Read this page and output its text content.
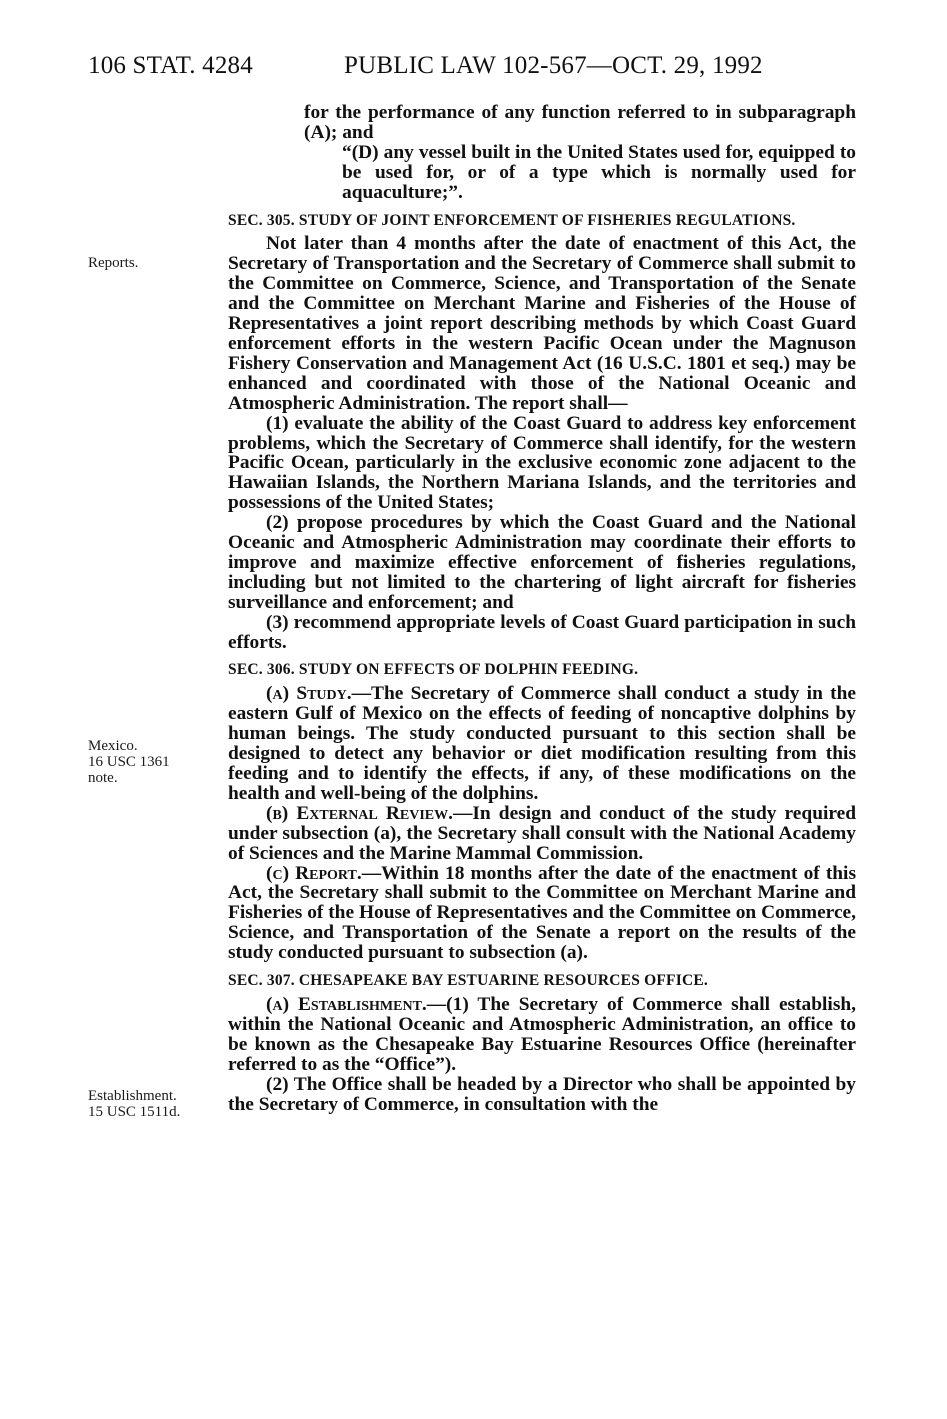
106 STAT. 4284	PUBLIC LAW 102-567—OCT. 29, 1992
Reports.
Mexico.
16 USC 1361
note.
Establishment.
15 USC 1511d.

for the performance of any function referred to in subparagraph (A); and

“(D) any vessel built in the United States used for, equipped to be used for, or of a type which is normally used for aquaculture;”.

SEC. 305. STUDY OF JOINT ENFORCEMENT OF FISHERIES REGULATIONS.

Not later than 4 months after the date of enactment of this Act, the Secretary of Transportation and the Secretary of Commerce shall submit to the Committee on Commerce, Science, and Transportation of the Senate and the Committee on Merchant Marine and Fisheries of the House of Representatives a joint report describing methods by which Coast Guard enforcement efforts in the western Pacific Ocean under the Magnuson Fishery Conservation and Management Act (16 U.S.C. 1801 et seq.) may be enhanced and coordinated with those of the National Oceanic and Atmospheric Administration. The report shall—

(1) evaluate the ability of the Coast Guard to address key enforcement problems, which the Secretary of Commerce shall identify, for the western Pacific Ocean, particularly in the exclusive economic zone adjacent to the Hawaiian Islands, the Northern Mariana Islands, and the territories and possessions of the United States;

(2) propose procedures by which the Coast Guard and the National Oceanic and Atmospheric Administration may coordinate their efforts to improve and maximize effective enforcement of fisheries regulations, including but not limited to the chartering of light aircraft for fisheries surveillance and enforcement; and

(3) recommend appropriate levels of Coast Guard participation in such efforts.

SEC. 306. STUDY ON EFFECTS OF DOLPHIN FEEDING.

(a) Study.—The Secretary of Commerce shall conduct a study in the eastern Gulf of Mexico on the effects of feeding of noncaptive dolphins by human beings. The study conducted pursuant to this section shall be designed to detect any behavior or diet modification resulting from this feeding and to identify the effects, if any, of these modifications on the health and well-being of the dolphins.

(b) External Review.—In design and conduct of the study required under subsection (a), the Secretary shall consult with the National Academy of Sciences and the Marine Mammal Commission.

(c) Report.—Within 18 months after the date of the enactment of this Act, the Secretary shall submit to the Committee on Merchant Marine and Fisheries of the House of Representatives and the Committee on Commerce, Science, and Transportation of the Senate a report on the results of the study conducted pursuant to subsection (a).

SEC. 307. CHESAPEAKE BAY ESTUARINE RESOURCES OFFICE.

(a) Establishment.—(1) The Secretary of Commerce shall establish, within the National Oceanic and Atmospheric Administration, an office to be known as the Chesapeake Bay Estuarine Resources Office (hereinafter referred to as the “Office”).

(2) The Office shall be headed by a Director who shall be appointed by the Secretary of Commerce, in consultation with the
